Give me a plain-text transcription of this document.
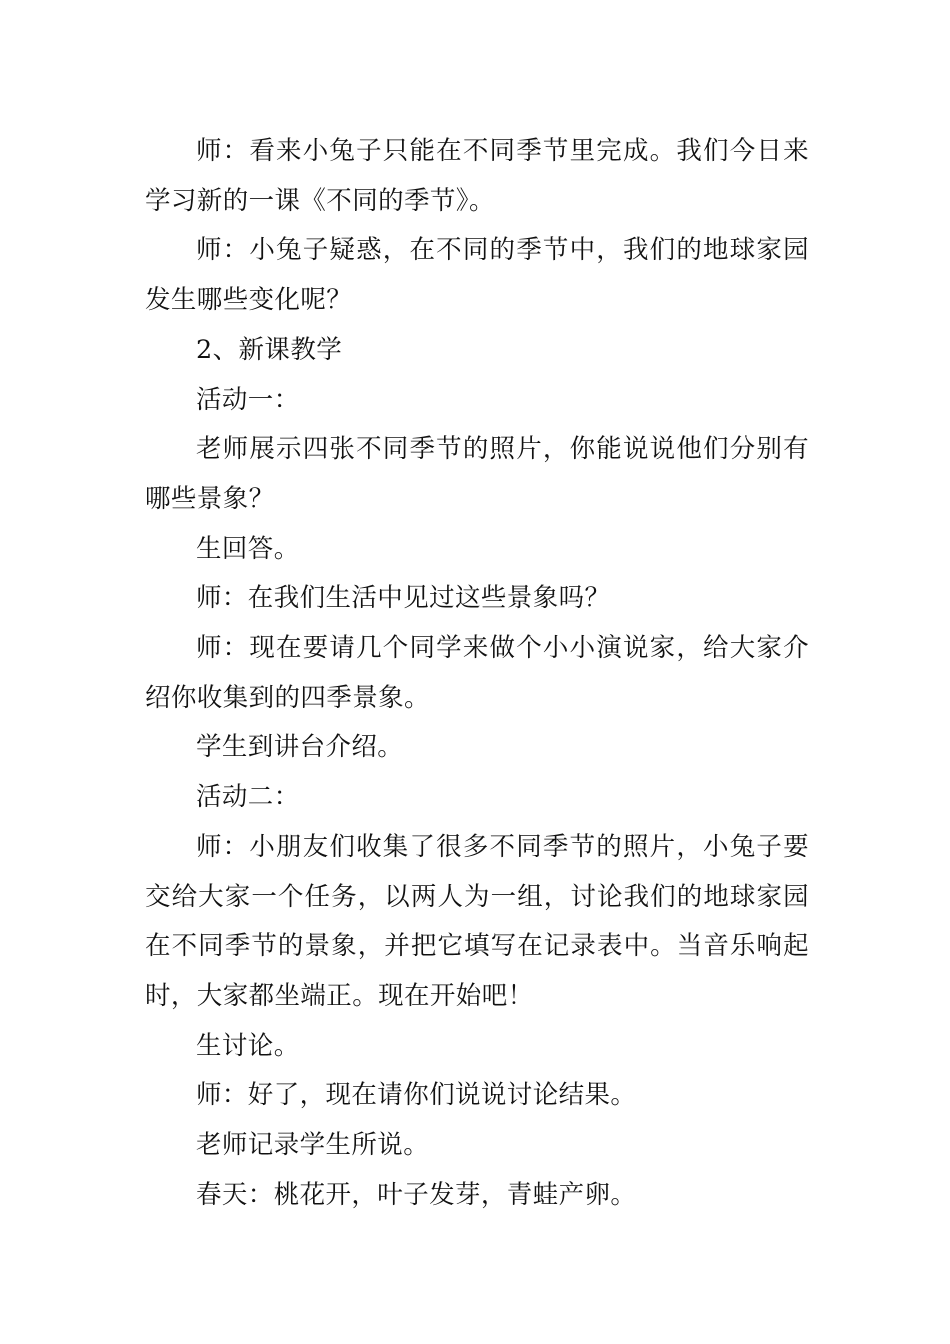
师：看来小兔子只能在不同季节里完成。我们今日来学习新的一课《不同的季节》。

师：小兔子疑惑，在不同的季节中，我们的地球家园发生哪些变化呢？

2、新课教学

活动一：

老师展示四张不同季节的照片，你能说说他们分别有哪些景象？

生回答。

师：在我们生活中见过这些景象吗？

师：现在要请几个同学来做个小小演说家，给大家介绍你收集到的四季景象。

学生到讲台介绍。

活动二：

师：小朋友们收集了很多不同季节的照片，小兔子要交给大家一个任务，以两人为一组，讨论我们的地球家园在不同季节的景象，并把它填写在记录表中。当音乐响起时，大家都坐端正。现在开始吧！

生讨论。

师：好了，现在请你们说说讨论结果。

老师记录学生所说。

春天：桃花开，叶子发芽，青蛙产卵。
